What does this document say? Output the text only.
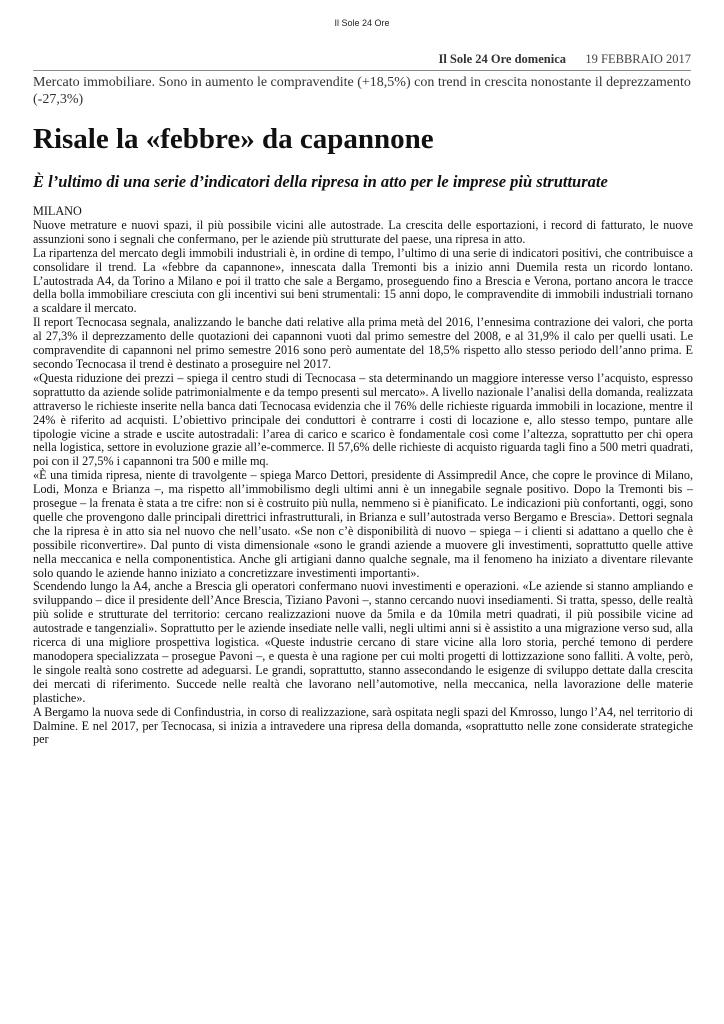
Il Sole 24 Ore
Il Sole 24 Ore domenica 19 FEBBRAIO 2017
Mercato immobiliare. Sono in aumento le compravendite (+18,5%) con trend in crescita nonostante il deprezzamento (-27,3%)
Risale la «febbre» da capannone
È l’ultimo di una serie d’indicatori della ripresa in atto per le imprese più strutturate

MILANO

Nuove metrature e nuovi spazi, il più possibile vicini alle autostrade. La crescita delle esportazioni, i record di fatturato, le nuove assunzioni sono i segnali che confermano, per le aziende più strutturate del paese, una ripresa in atto.

La ripartenza del mercato degli immobili industriali è, in ordine di tempo, l’ultimo di una serie di indicatori positivi, che contribuisce a consolidare il trend. La «febbre da capannone», innescata dalla Tremonti bis a inizio anni Duemila resta un ricordo lontano. L’autostrada A4, da Torino a Milano e poi il tratto che sale a Bergamo, proseguendo fino a Brescia e Verona, portano ancora le tracce della bolla immobiliare cresciuta con gli incentivi sui beni strumentali: 15 anni dopo, le compravendite di immobili industriali tornano a scaldare il mercato.

Il report Tecnocasa segnala, analizzando le banche dati relative alla prima metà del 2016, l’ennesima contrazione dei valori, che porta al 27,3% il deprezzamento delle quotazioni dei capannoni vuoti dal primo semestre del 2008, e al 31,9% il calo per quelli usati. Le compravendite di capannoni nel primo semestre 2016 sono però aumentate del 18,5% rispetto allo stesso periodo dell’anno prima. E secondo Tecnocasa il trend è destinato a proseguire nel 2017.

«Questa riduzione dei prezzi – spiega il centro studi di Tecnocasa – sta determinando un maggiore interesse verso l’acquisto, espresso soprattutto da aziende solide patrimonialmente e da tempo presenti sul mercato». A livello nazionale l’analisi della domanda, realizzata attraverso le richieste inserite nella banca dati Tecnocasa evidenzia che il 76% delle richieste riguarda immobili in locazione, mentre il 24% è riferito ad acquisti. L’obiettivo principale dei conduttori è contrarre i costi di locazione e, allo stesso tempo, puntare alle tipologie vicine a strade e uscite autostradali: l’area di carico e scarico è fondamentale così come l’altezza, soprattutto per chi opera nella logistica, settore in evoluzione grazie all’e-commerce. Il 57,6% delle richieste di acquisto riguarda tagli fino a 500 metri quadrati, poi con il 27,5% i capannoni tra 500 e mille mq.

«È una timida ripresa, niente di travolgente – spiega Marco Dettori, presidente di Assimpredil Ance, che copre le province di Milano, Lodi, Monza e Brianza –, ma rispetto all’immobilismo degli ultimi anni è un innegabile segnale positivo. Dopo la Tremonti bis – prosegue – la frenata è stata a tre cifre: non si è costruito più nulla, nemmeno si è pianificato. Le indicazioni più confortanti, oggi, sono quelle che provengono dalle principali direttrici infrastrutturali, in Brianza e sull’autostrada verso Bergamo e Brescia». Dettori segnala che la ripresa è in atto sia nel nuovo che nell’usato. «Se non c’è disponibilità di nuovo – spiega – i clienti si adattano a quello che è possibile riconvertire». Dal punto di vista dimensionale «sono le grandi aziende a muovere gli investimenti, soprattutto quelle attive nella meccanica e nella componentistica. Anche gli artigiani danno qualche segnale, ma il fenomeno ha iniziato a diventare rilevante solo quando le aziende hanno iniziato a concretizzare investimenti importanti».

Scendendo lungo la A4, anche a Brescia gli operatori confermano nuovi investimenti e operazioni. «Le aziende si stanno ampliando e sviluppando – dice il presidente dell’Ance Brescia, Tiziano Pavoni –, stanno cercando nuovi insediamenti. Si tratta, spesso, delle realtà più solide e strutturate del territorio: cercano realizzazioni nuove da 5mila e da 10mila metri quadrati, il più possibile vicine ad autostrade e tangenziali». Soprattutto per le aziende insediate nelle valli, negli ultimi anni si è assistito a una migrazione verso sud, alla ricerca di una migliore prospettiva logistica. «Queste industrie cercano di stare vicine alla loro storia, perché temono di perdere manodopera specializzata – prosegue Pavoni –, e questa è una ragione per cui molti progetti di lottizzazione sono falliti. A volte, però, le singole realtà sono costrette ad adeguarsi. Le grandi, soprattutto, stanno assecondando le esigenze di sviluppo dettate dalla crescita dei mercati di riferimento. Succede nelle realtà che lavorano nell’automotive, nella meccanica, nella lavorazione delle materie plastiche».

A Bergamo la nuova sede di Confindustria, in corso di realizzazione, sarà ospitata negli spazi del Kmrosso, lungo l’A4, nel territorio di Dalmine. E nel 2017, per Tecnocasa, si inizia a intravedere una ripresa della domanda, «soprattutto nelle zone considerate strategiche per
